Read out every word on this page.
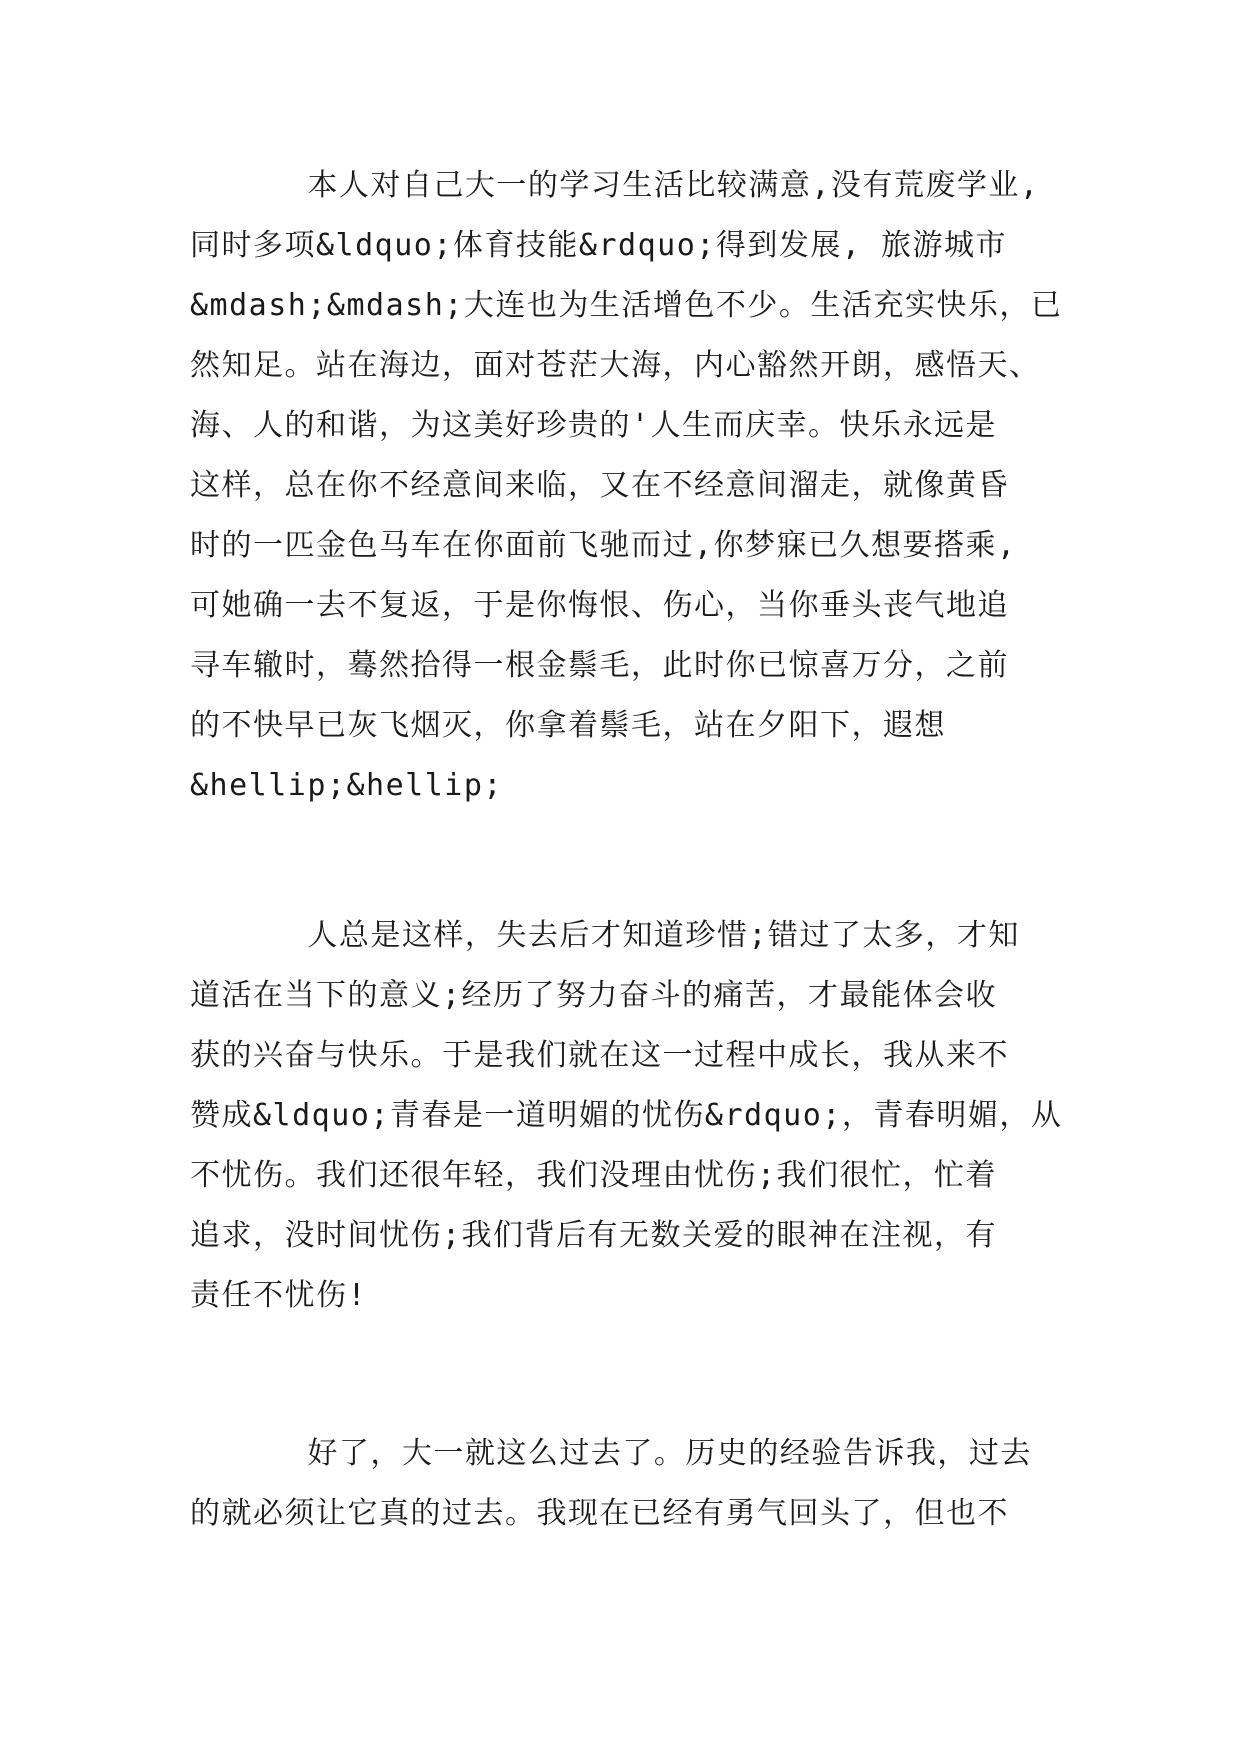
本人对自己大一的学习生活比较满意,没有荒废学业,
同时多项&ldquo;体育技能&rdquo;得到发展, 旅游城市
&mdash;&mdash;大连也为生活增色不少。生活充实快乐，已
然知足。站在海边，面对苍茫大海，内心豁然开朗，感悟天、
海、人的和谐，为这美好珍贵的'人生而庆幸。快乐永远是
这样，总在你不经意间来临，又在不经意间溜走，就像黄昏
时的一匹金色马车在你面前飞驰而过,你梦寐已久想要搭乘,
可她确一去不复返，于是你悔恨、伤心，当你垂头丧气地追
寻车辙时，蓦然拾得一根金鬃毛，此时你已惊喜万分，之前
的不快早已灰飞烟灭，你拿着鬃毛，站在夕阳下，遐想
&hellip;&hellip;
人总是这样，失去后才知道珍惜;错过了太多，才知
道活在当下的意义;经历了努力奋斗的痛苦，才最能体会收
获的兴奋与快乐。于是我们就在这一过程中成长，我从来不
赞成&ldquo;青春是一道明媚的忧伤&rdquo;，青春明媚，从
不忧伤。我们还很年轻，我们没理由忧伤;我们很忙，忙着
追求，没时间忧伤;我们背后有无数关爱的眼神在注视，有
责任不忧伤!
好了，大一就这么过去了。历史的经验告诉我，过去
的就必须让它真的过去。我现在已经有勇气回头了，但也不
